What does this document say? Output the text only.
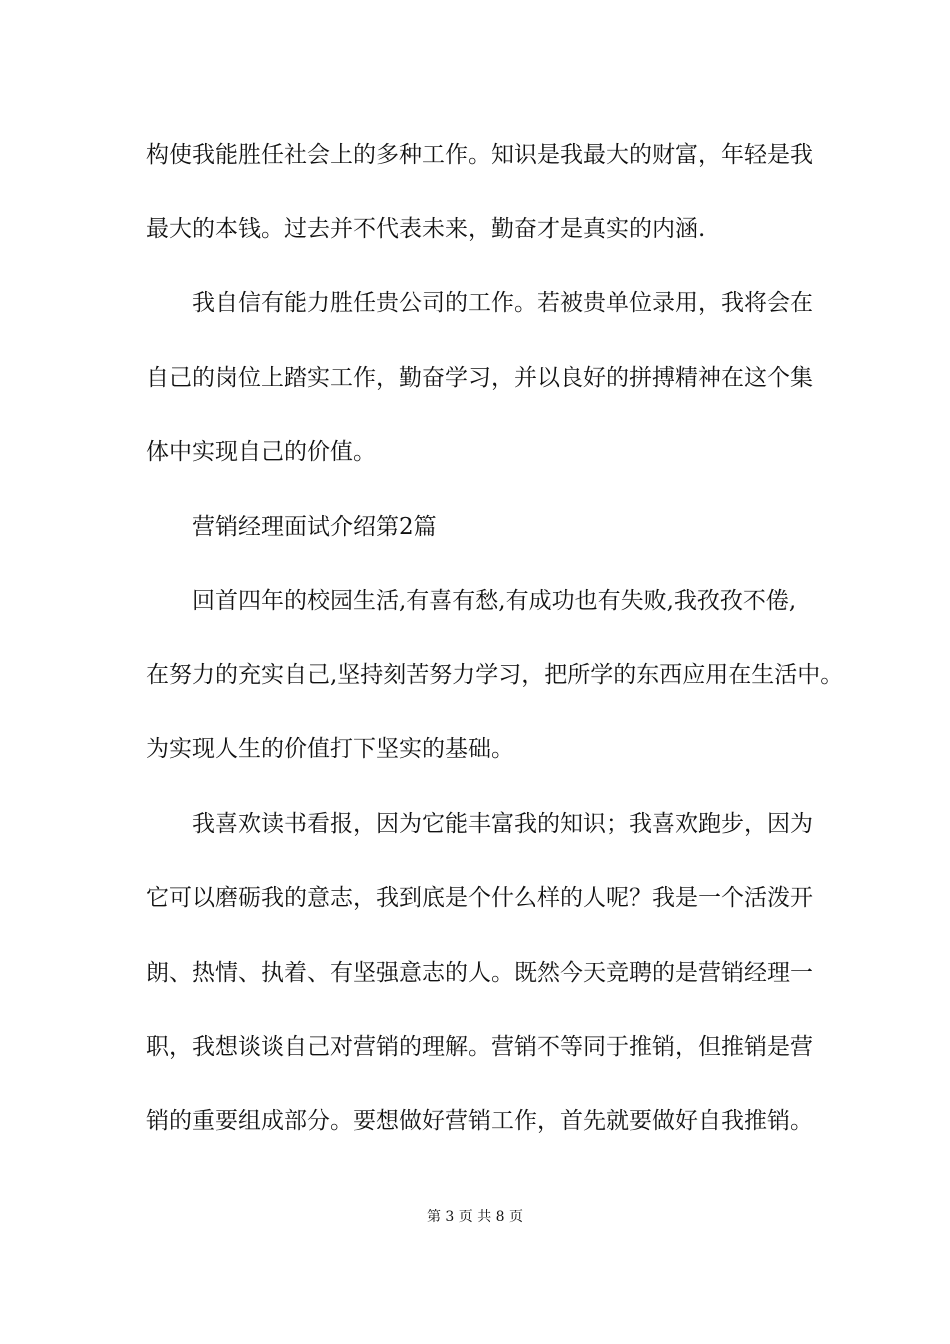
构使我能胜任社会上的多种工作。知识是我最大的财富，年轻是我
最大的本钱。过去并不代表未来，勤奋才是真实的内涵.
我自信有能力胜任贵公司的工作。若被贵单位录用，我将会在
自己的岗位上踏实工作，勤奋学习，并以良好的拼搏精神在这个集
体中实现自己的价值。
营销经理面试介绍第2篇
回首四年的校园生活,有喜有愁,有成功也有失败,我孜孜不倦,
在努力的充实自己,坚持刻苦努力学习，把所学的东西应用在生活中。
为实现人生的价值打下坚实的基础。
我喜欢读书看报，因为它能丰富我的知识；我喜欢跑步，因为
它可以磨砺我的意志，我到底是个什么样的人呢？我是一个活泼开
朗、热情、执着、有坚强意志的人。既然今天竞聘的是营销经理一
职，我想谈谈自己对营销的理解。营销不等同于推销，但推销是营
销的重要组成部分。要想做好营销工作，首先就要做好自我推销。
第 3 页 共 8 页
